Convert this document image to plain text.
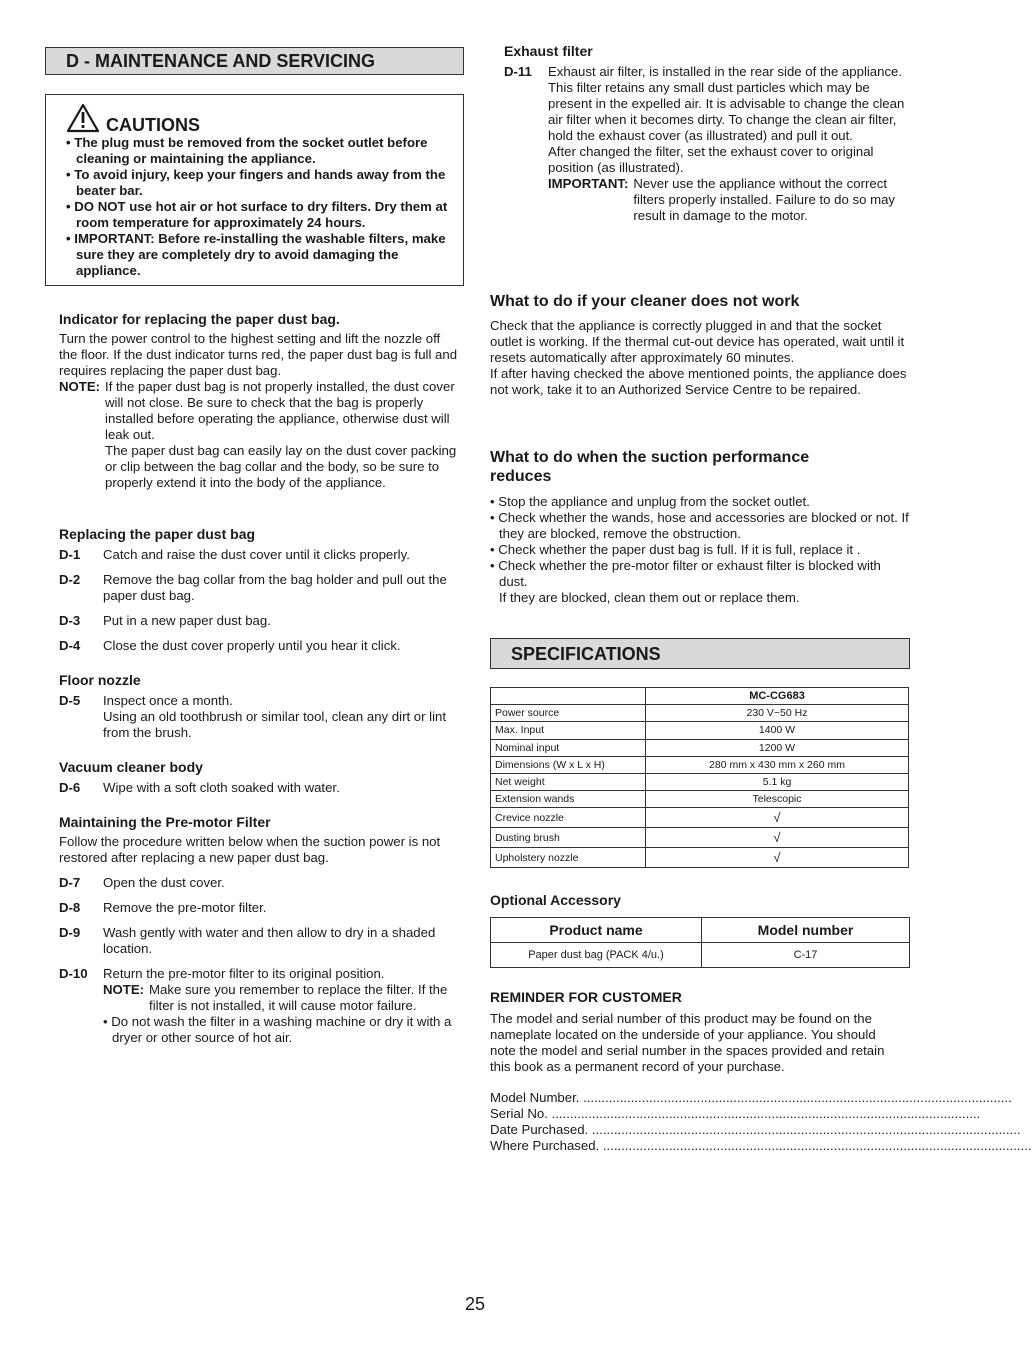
D - MAINTENANCE AND SERVICING
CAUTIONS
• The plug must be removed from the socket outlet before cleaning or maintaining the appliance.
• To avoid injury, keep your fingers and hands away from the beater bar.
• DO NOT use hot air or hot surface to dry filters. Dry them at room temperature for approximately 24 hours.
• IMPORTANT: Before re-installing the washable filters, make sure they are completely dry to avoid damaging the appliance.
Indicator for replacing the paper dust bag.
Turn the power control to the highest setting and lift the nozzle off the floor. If the dust indicator turns red, the paper dust bag is full and requires replacing the paper dust bag.
NOTE: If the paper dust bag is not properly installed, the dust cover will not close. Be sure to check that the bag is properly installed before operating the appliance, otherwise dust will leak out.
The paper dust bag can easily lay on the dust cover packing or clip between the bag collar and the body, so be sure to properly extend it into the body of the appliance.
Replacing the paper dust bag
D-1	Catch and raise the dust cover until it clicks properly.
D-2	Remove the bag collar from the bag holder and pull out the paper dust bag.
D-3	Put in a new paper dust bag.
D-4	Close the dust cover properly until you hear it click.
Floor nozzle
D-5	Inspect once a month.
Using an old toothbrush or similar tool, clean any dirt or lint from the brush.
Vacuum cleaner body
D-6	Wipe with a soft cloth soaked with water.
Maintaining the Pre-motor Filter
Follow the procedure written below when the suction power is not restored after replacing a new paper dust bag.
D-7	Open the dust cover.
D-8	Remove the pre-motor filter.
D-9	Wash gently with water and then allow to dry in a shaded location.
D-10	Return the pre-motor filter to its original position.
NOTE: Make sure you remember to replace the filter. If the filter is not installed, it will cause motor failure.
• Do not wash the filter in a washing machine or dry it with a dryer or other source of hot air.
Exhaust filter
D-11	Exhaust air filter, is installed in the rear side of the appliance.
This filter retains any small dust particles which may be present in the expelled air. It is advisable to change the clean air filter when it becomes dirty. To change the clean air filter, hold the exhaust cover (as illustrated) and pull it out.
After changed the filter, set the exhaust cover to original position (as illustrated).
IMPORTANT: Never use the appliance without the correct filters properly installed. Failure to do so may result in damage to the motor.
What to do if your cleaner does not work
Check that the appliance is correctly plugged in and that the socket outlet is working. If the thermal cut-out device has operated, wait until it resets automatically after approximately 60 minutes.
If after having checked the above mentioned points, the appliance does not work, take it to an Authorized Service Centre to be repaired.
What to do when the suction performance reduces
• Stop the appliance and unplug from the socket outlet.
• Check whether the wands, hose and accessories are blocked or not. If they are blocked, remove the obstruction.
• Check whether the paper dust bag is full. If it is full, replace it .
• Check whether the pre-motor filter or exhaust filter is blocked with dust.
If they are blocked, clean them out or replace them.
SPECIFICATIONS
	MC-CG683
Power source	230 V~50 Hz
Max. Input	1400 W
Nominal input	1200 W
Dimensions (W x L x H)	280 mm x 430 mm x 260 mm
Net weight	5.1 kg
Extension wands	Telescopic
Crevice nozzle	√
Dusting brush	√
Upholstery nozzle	√
Optional Accessory
Product name	Model number
Paper dust bag (PACK 4/u.)	C-17
REMINDER FOR CUSTOMER
The model and serial number of this product may be found on the nameplate located on the underside of your appliance. You should note the model and serial number in the spaces provided and retain this book as a permanent record of your purchase.
Model Number. .....................................................................................................................
Serial No. .....................................................................................................................
Date Purchased. .....................................................................................................................
Where Purchased. .....................................................................................................................
25
